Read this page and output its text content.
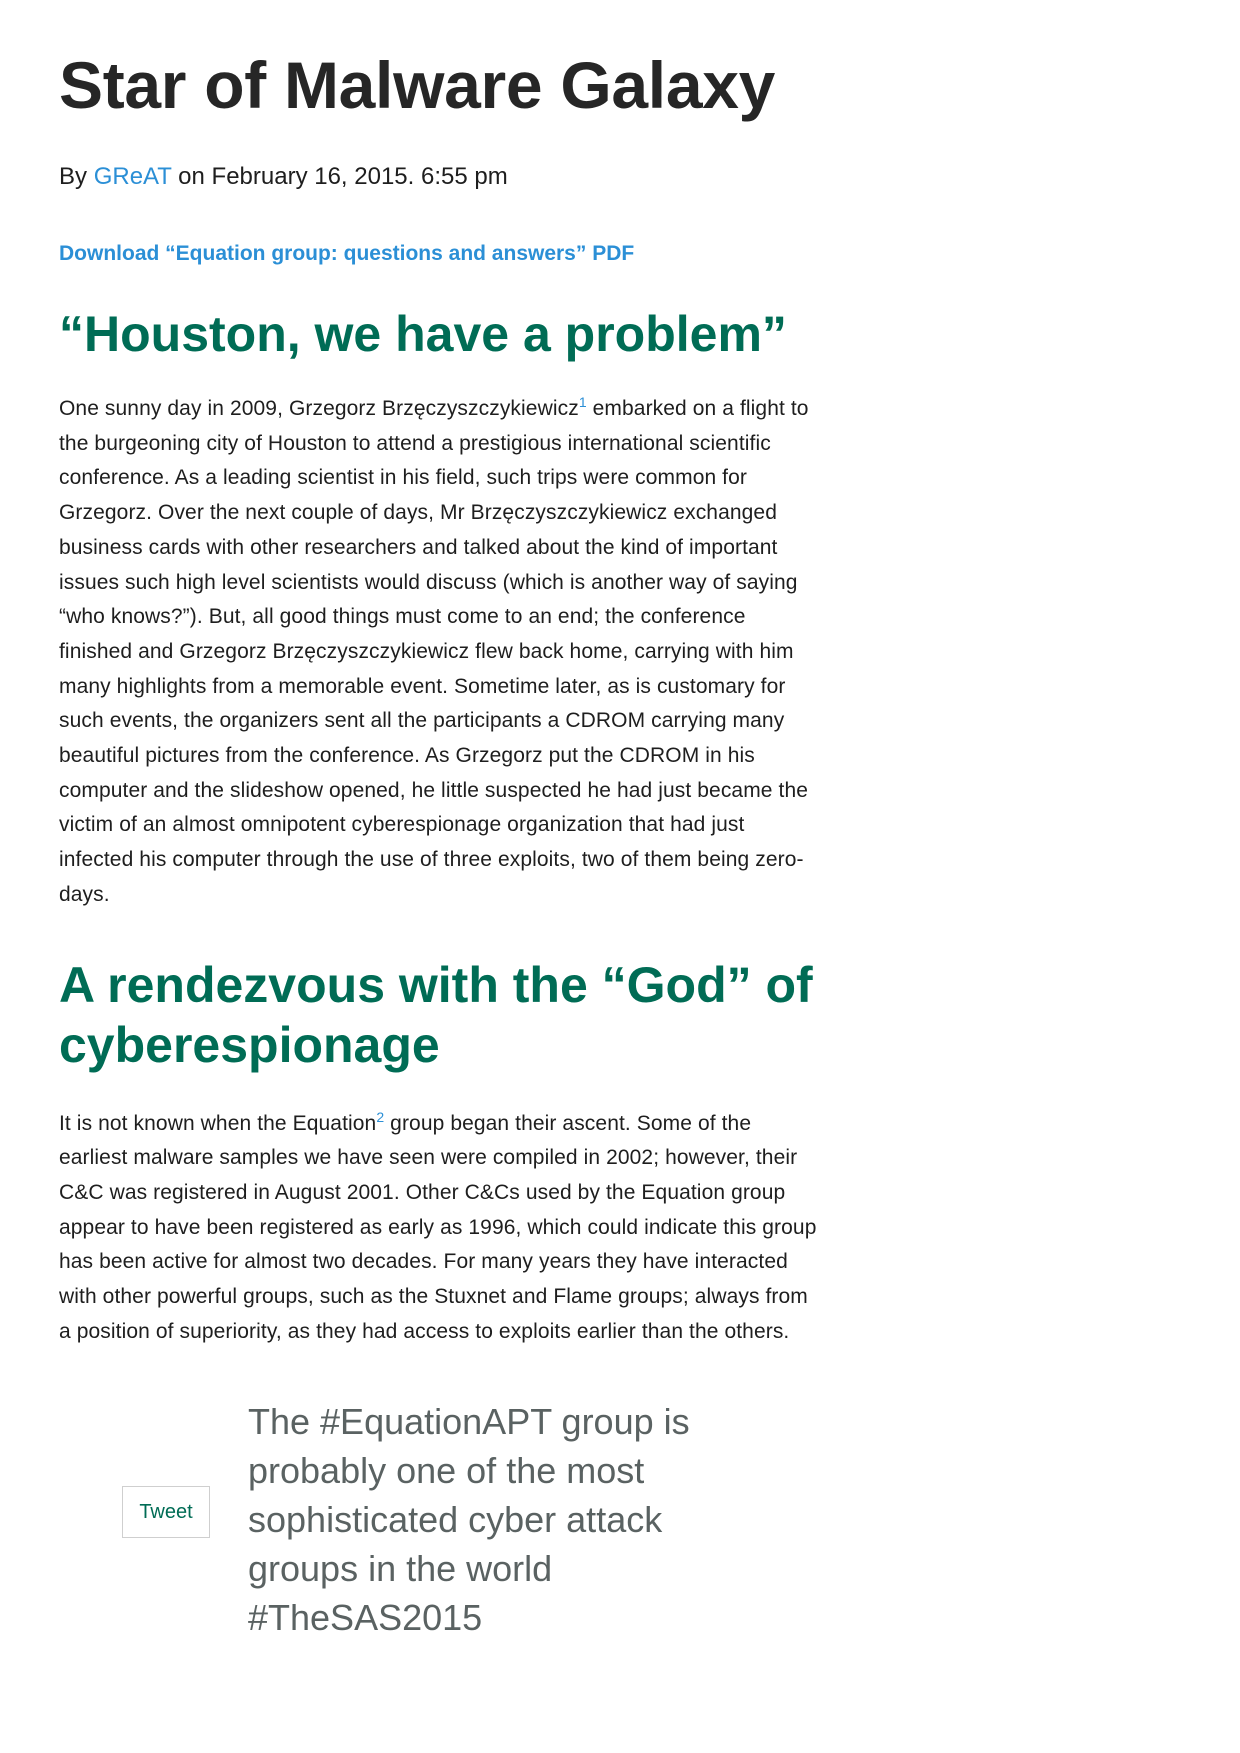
Star of Malware Galaxy
By GReAT on February 16, 2015. 6:55 pm
Download “Equation group: questions and answers” PDF
“Houston, we have a problem”

One sunny day in 2009, Grzegorz Brzęczyszczykiewicz$^1$ embarked on a flight to the burgeoning city of Houston to attend a prestigious international scientific conference. As a leading scientist in his field, such trips were common for Grzegorz. Over the next couple of days, Mr Brzęczyszczykiewicz exchanged business cards with other researchers and talked about the kind of important issues such high level scientists would discuss (which is another way of saying “who knows?”). But, all good things must come to an end; the conference finished and Grzegorz Brzęczyszczykiewicz flew back home, carrying with him many highlights from a memorable event. Sometime later, as is customary for such events, the organizers sent all the participants a CDROM carrying many beautiful pictures from the conference. As Grzegorz put the CDROM in his computer and the slideshow opened, he little suspected he had just became the victim of an almost omnipotent cyberespionage organization that had just infected his computer through the use of three exploits, two of them being zero-days.

A rendezvous with the “God” of cyberespionage

It is not known when the Equation$^2$ group began their ascent. Some of the earliest malware samples we have seen were compiled in 2002; however, their C&C was registered in August 2001. Other C&Cs used by the Equation group appear to have been registered as early as 1996, which could indicate this group has been active for almost two decades. For many years they have interacted with other powerful groups, such as the Stuxnet and Flame groups; always from a position of superiority, as they had access to exploits earlier than the others.

Tweet

The #EquationAPT group is probably one of the most sophisticated cyber attack groups in the world #TheSAS2015
